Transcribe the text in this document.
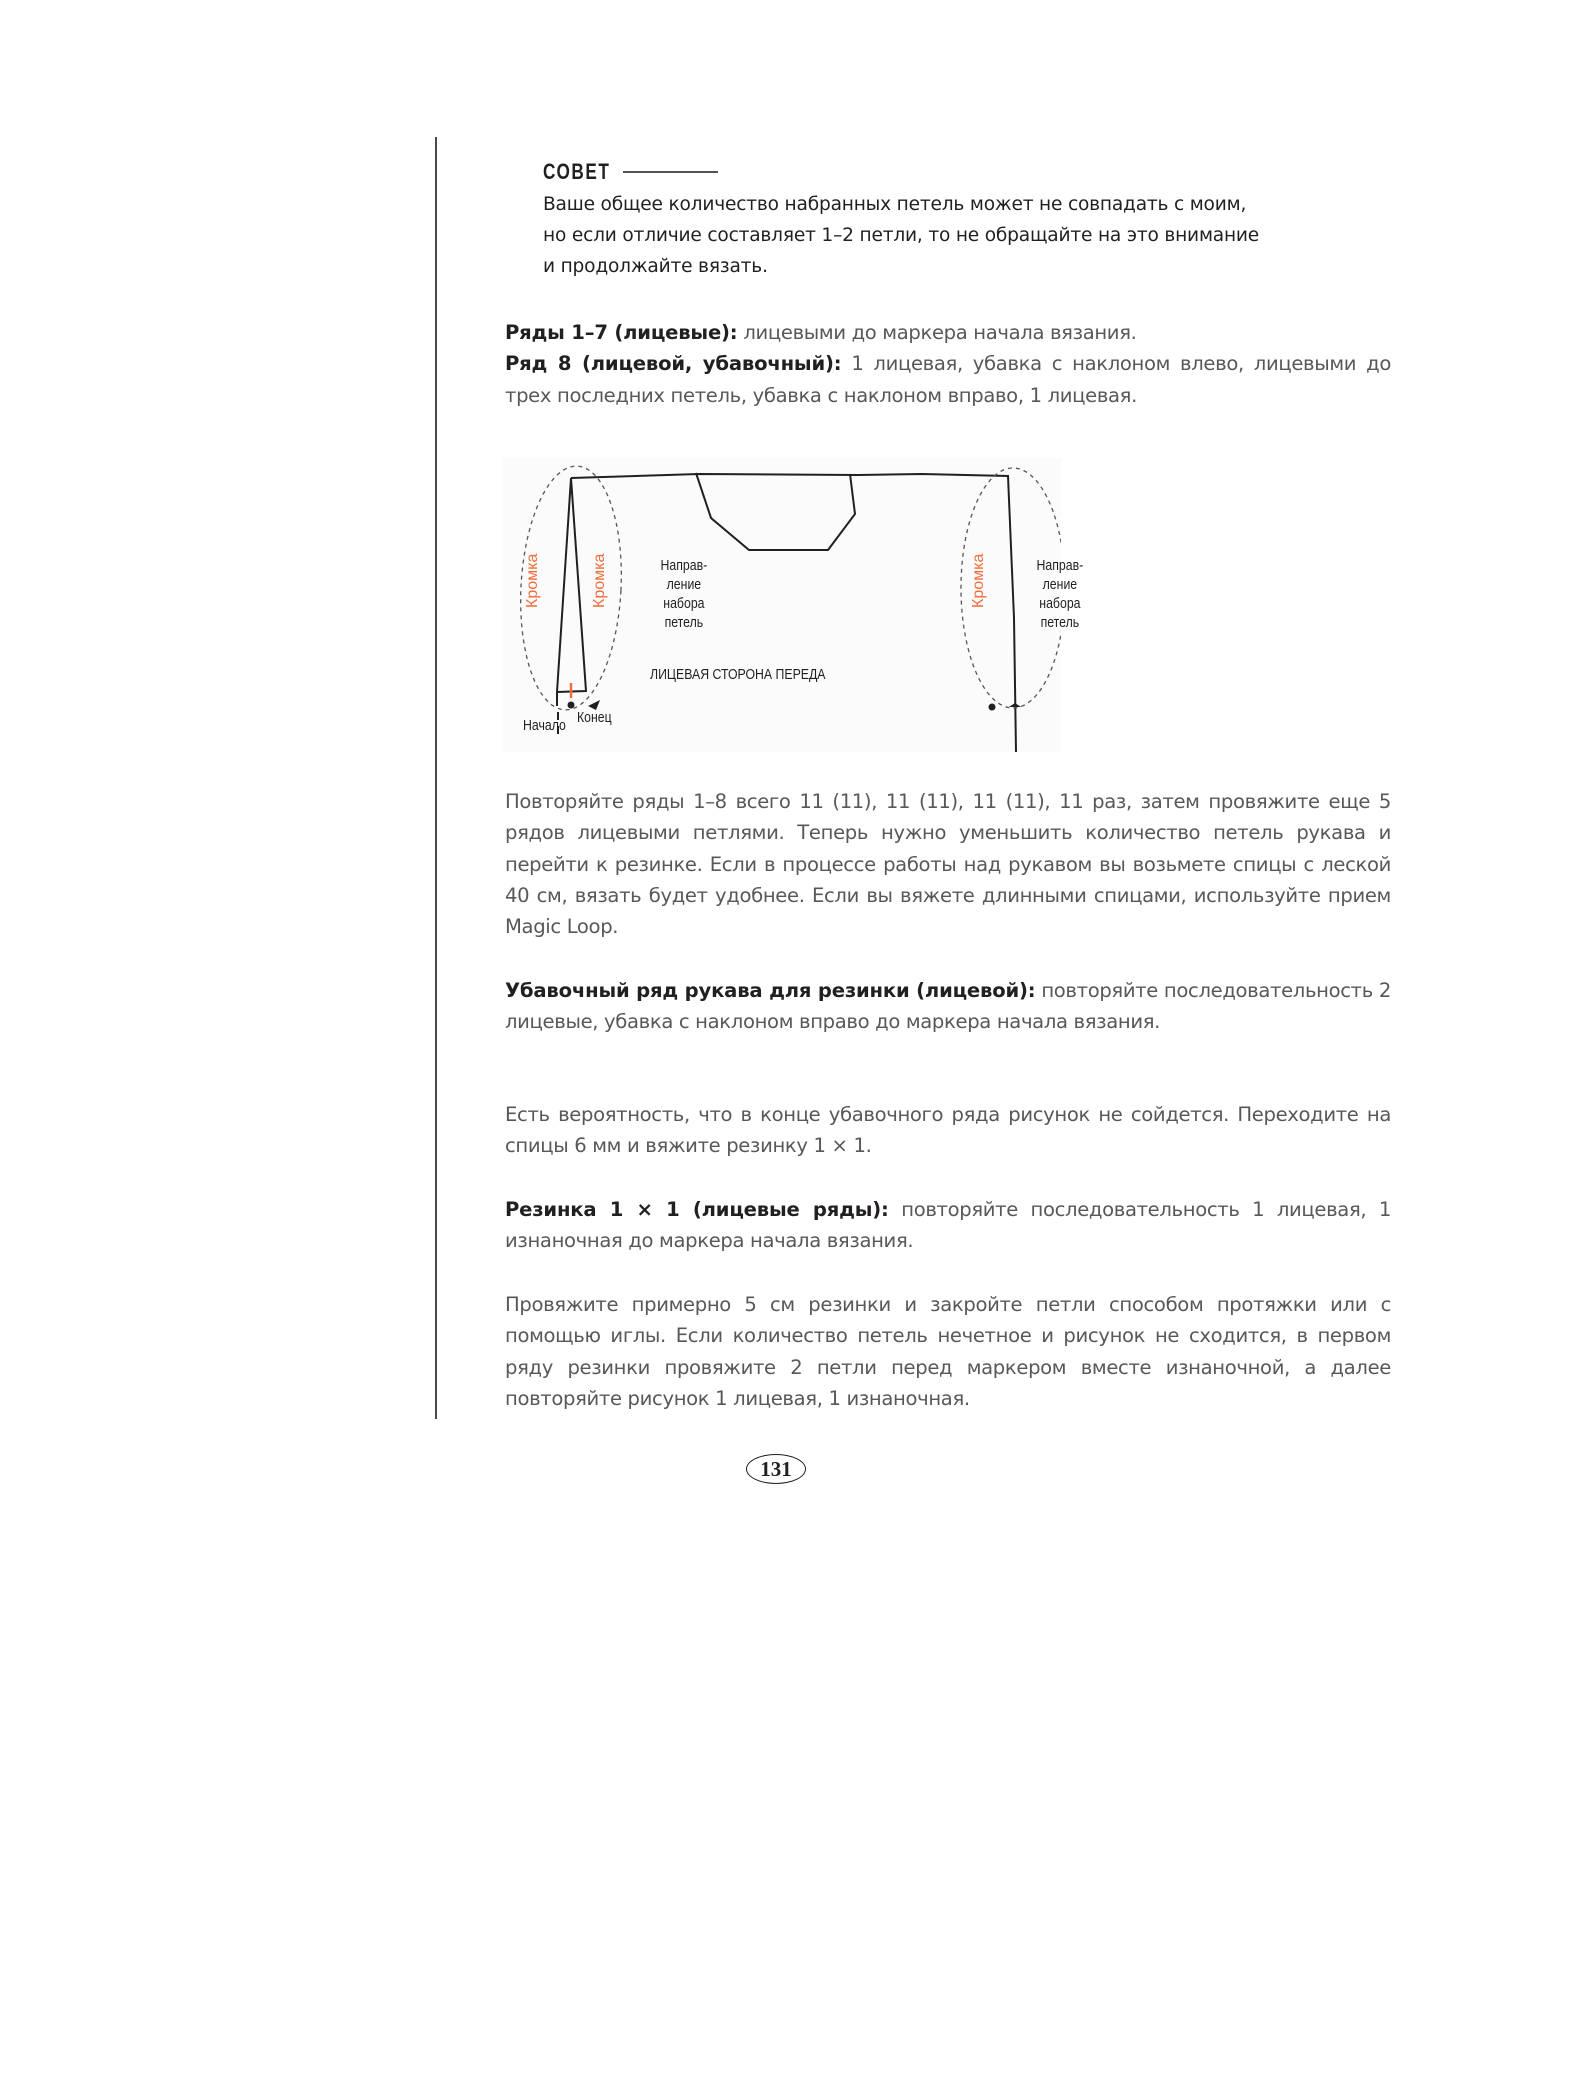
СОВЕТ
Ваше общее количество набранных петель может не совпадать с моим,
но если отличие составляет 1–2 петли, то не обращайте на это внимание
и продолжайте вязать.
Ряды 1–7 (лицевые): лицевыми до маркера начала вязания.
Ряд 8 (лицевой, убавочный): 1 лицевая, убавка с наклоном влево, лицевыми до трех последних петель, убавка с наклоном вправо, 1 лицевая.
Кромка	Кромка	Кромка
Направ-
ление
набора
петель
Направ-
ление
набора
петель
ЛИЦЕВАЯ СТОРОНА ПЕРЕДА
Начало Конец
Повторяйте ряды 1–8 всего 11 (11), 11 (11), 11 (11), 11 раз, затем провяжите еще 5 рядов лицевыми петлями. Теперь нужно уменьшить количество петель рукава и перейти к резинке. Если в процессе работы над рукавом вы возьмете спицы с леской 40 см, вязать будет удобнее. Если вы вяжете длинными спицами, используйте прием Magic Loop.
Убавочный ряд рукава для резинки (лицевой): повторяйте последовательность 2 лицевые, убавка с наклоном вправо до маркера начала вязания.
Есть вероятность, что в конце убавочного ряда рисунок не сойдется. Переходите на спицы 6 мм и вяжите резинку 1 × 1.
Резинка 1 × 1 (лицевые ряды): повторяйте последовательность 1 лицевая, 1 изнаночная до маркера начала вязания.
Провяжите примерно 5 см резинки и закройте петли способом протяжки или с помощью иглы. Если количество петель нечетное и рисунок не сходится, в первом ряду резинки провяжите 2 петли перед маркером вместе изнаночной, а далее повторяйте рисунок 1 лицевая, 1 изнаночная.
131
